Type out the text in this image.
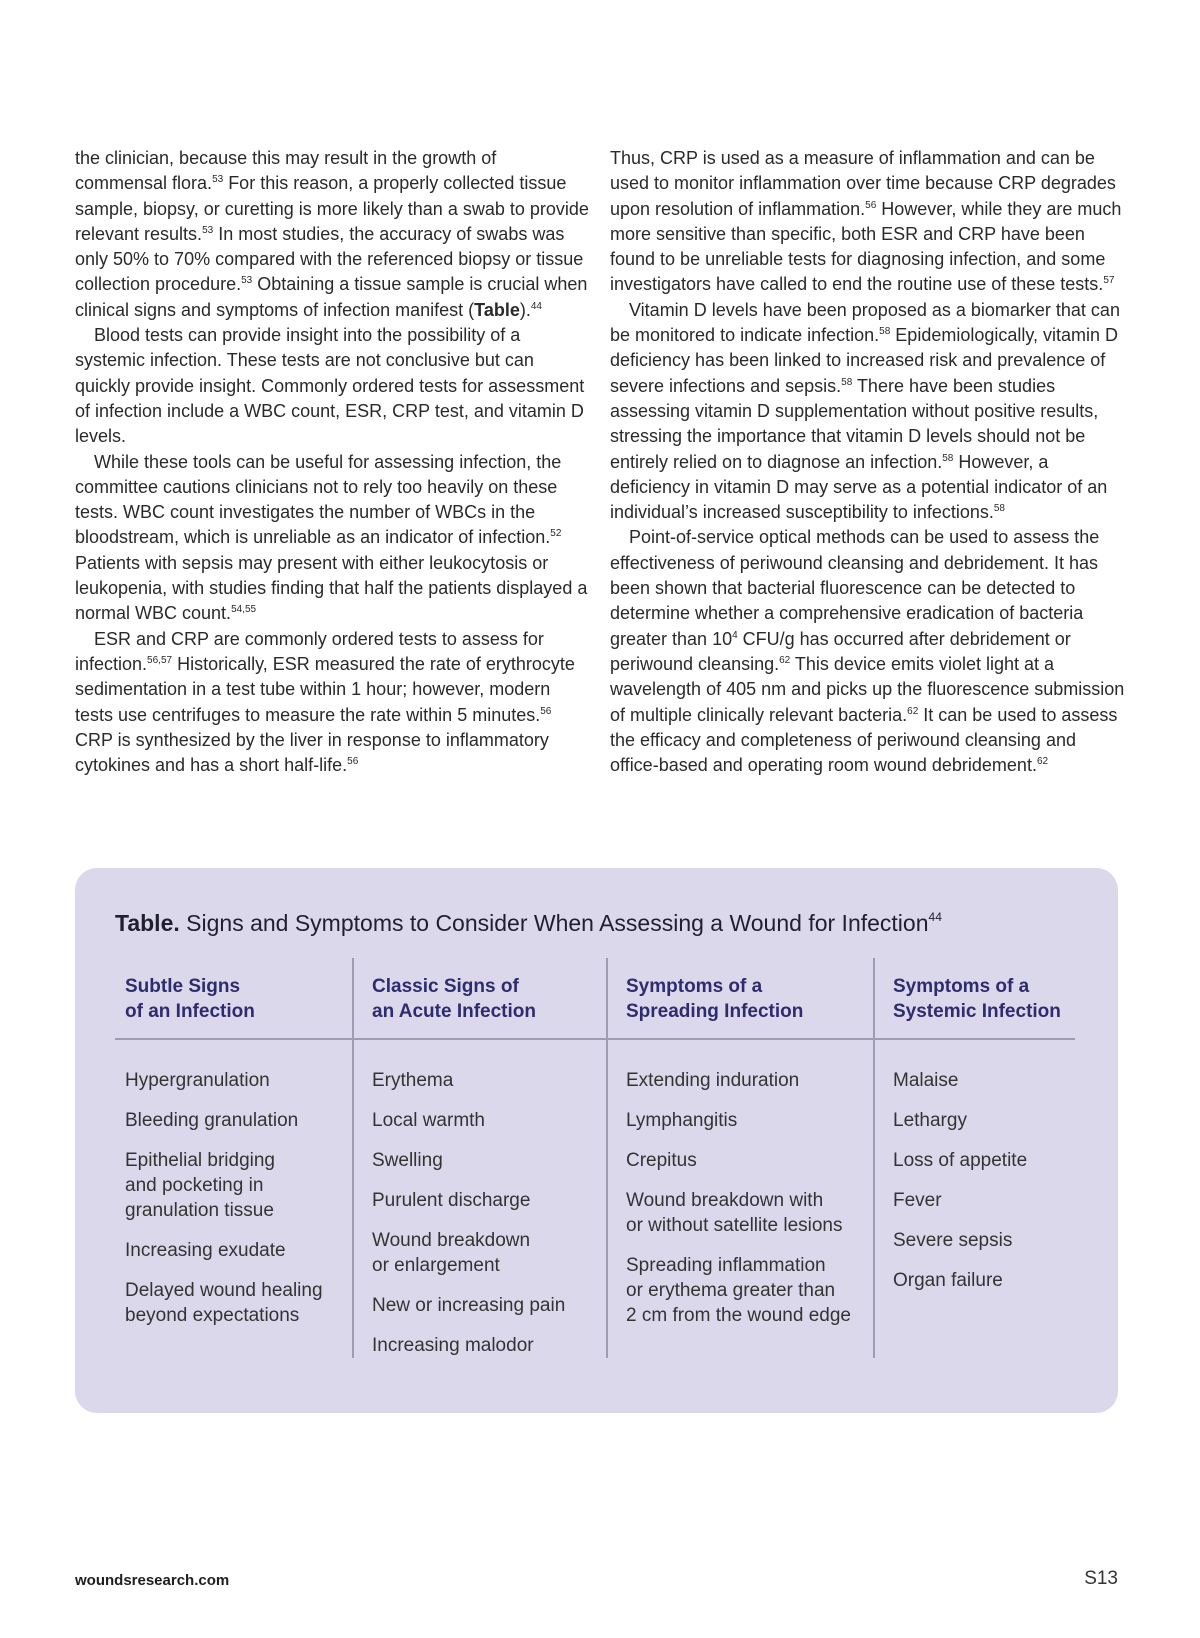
the clinician, because this may result in the growth of commensal flora.$^{53}$ For this reason, a properly collected tissue sample, biopsy, or curetting is more likely than a swab to provide relevant results.$^{53}$ In most studies, the accuracy of swabs was only 50% to 70% compared with the referenced biopsy or tissue collection procedure.$^{53}$ Obtaining a tissue sample is crucial when clinical signs and symptoms of infection manifest (Table).$^{44}$

Blood tests can provide insight into the possibility of a systemic infection. These tests are not conclusive but can quickly provide insight. Commonly ordered tests for assessment of infection include a WBC count, ESR, CRP test, and vitamin D levels.

While these tools can be useful for assessing infection, the committee cautions clinicians not to rely too heavily on these tests. WBC count investigates the number of WBCs in the bloodstream, which is unreliable as an indicator of infection.$^{52}$ Patients with sepsis may present with either leukocytosis or leukopenia, with studies finding that half the patients displayed a normal WBC count.$^{54,55}$

ESR and CRP are commonly ordered tests to assess for infection.$^{56,57}$ Historically, ESR measured the rate of erythrocyte sedimentation in a test tube within 1 hour; however, modern tests use centrifuges to measure the rate within 5 minutes.$^{56}$ CRP is synthesized by the liver in response to inflammatory cytokines and has a short half-life.$^{56}$

Thus, CRP is used as a measure of inflammation and can be used to monitor inflammation over time because CRP degrades upon resolution of inflammation.$^{56}$ However, while they are much more sensitive than specific, both ESR and CRP have been found to be unreliable tests for diagnosing infection, and some investigators have called to end the routine use of these tests.$^{57}$

Vitamin D levels have been proposed as a biomarker that can be monitored to indicate infection.$^{58}$ Epidemiologically, vitamin D deficiency has been linked to increased risk and prevalence of severe infections and sepsis.$^{58}$ There have been studies assessing vitamin D supplementation without positive results, stressing the importance that vitamin D levels should not be entirely relied on to diagnose an infection.$^{58}$ However, a deficiency in vitamin D may serve as a potential indicator of an individual’s increased susceptibility to infections.$^{58}$

Point-of-service optical methods can be used to assess the effectiveness of periwound cleansing and debridement. It has been shown that bacterial fluorescence can be detected to determine whether a comprehensive eradication of bacteria greater than $10^4$ CFU/g has occurred after debridement or periwound cleansing.$^{62}$ This device emits violet light at a wavelength of 405 nm and picks up the fluorescence submission of multiple clinically relevant bacteria.$^{62}$ It can be used to assess the efficacy and completeness of periwound cleansing and office-based and operating room wound debridement.$^{62}$

Table. Signs and Symptoms to Consider When Assessing a Wound for Infection$^{44}$
Subtle Signs
of an Infection
Hypergranulation
Bleeding granulation
Epithelial bridging
and pocketing in
granulation tissue
Increasing exudate
Delayed wound healing
beyond expectations
Classic Signs of
an Acute Infection
Erythema
Local warmth
Swelling
Purulent discharge
Wound breakdown
or enlargement
New or increasing pain
Increasing malodor
Symptoms of a
Spreading Infection
Extending induration
Lymphangitis
Crepitus
Wound breakdown with
or without satellite lesions
Spreading inflammation
or erythema greater than
2 cm from the wound edge
Symptoms of a
Systemic Infection
Malaise
Lethargy
Loss of appetite
Fever
Severe sepsis
Organ failure
woundsresearch.com	S13
